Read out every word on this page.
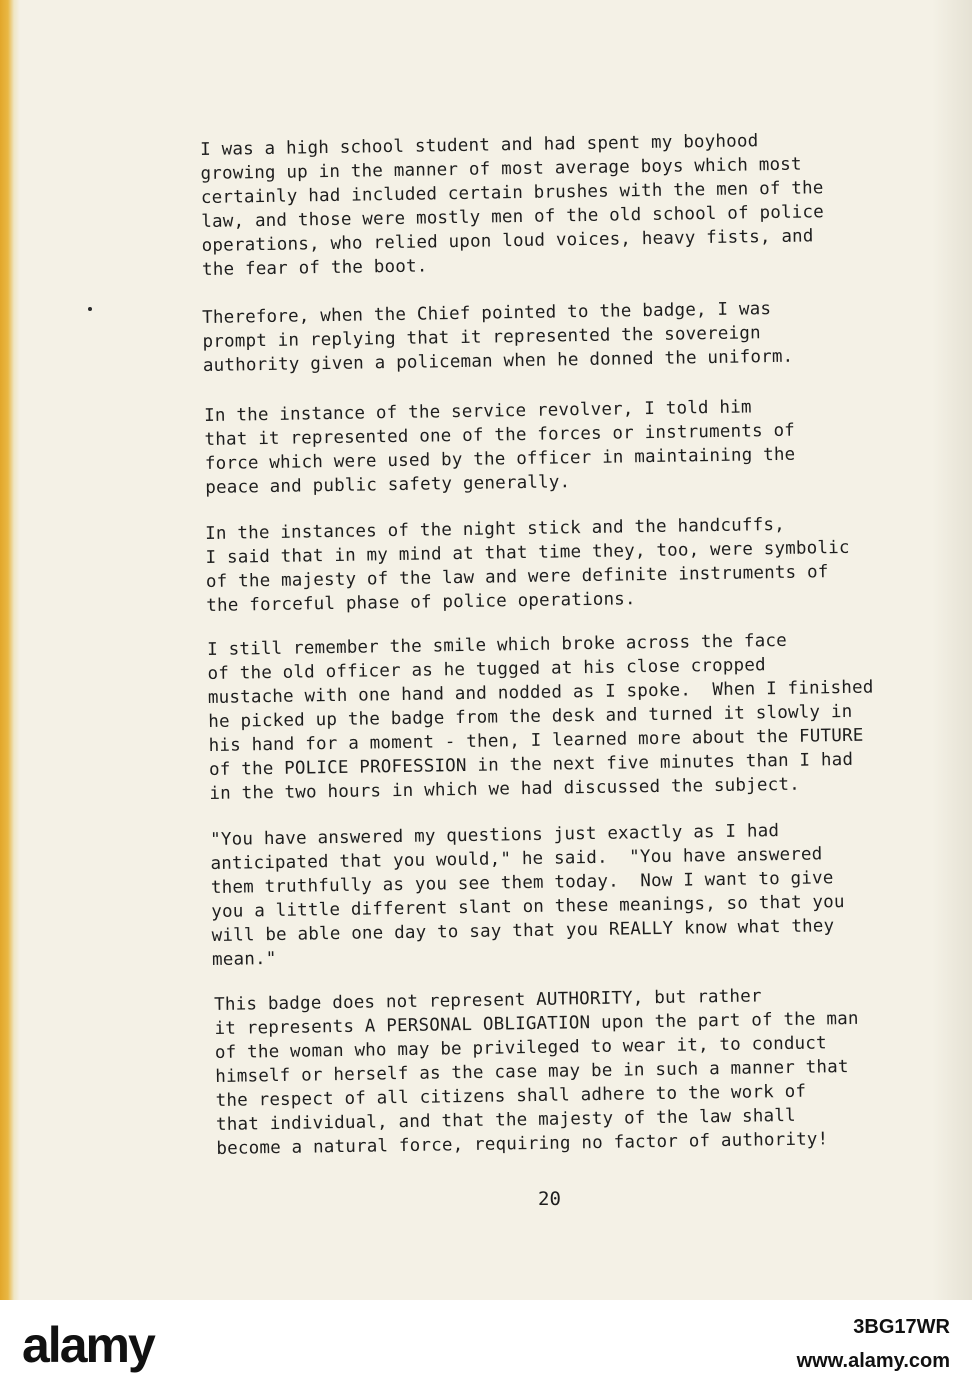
I was a high school student and had spent my boyhood
growing up in the manner of most average boys which most
certainly had included certain brushes with the men of the
law, and those were mostly men of the old school of police
operations, who relied upon loud voices, heavy fists, and
the fear of the boot.

Therefore, when the Chief pointed to the badge, I was
prompt in replying that it represented the sovereign
authority given a policeman when he donned the uniform.

In the instance of the service revolver, I told him
that it represented one of the forces or instruments of
force which were used by the officer in maintaining the
peace and public safety generally.

In the instances of the night stick and the handcuffs,
I said that in my mind at that time they, too, were symbolic
of the majesty of the law and were definite instruments of
the forceful phase of police operations.

I still remember the smile which broke across the face
of the old officer as he tugged at his close cropped
mustache with one hand and nodded as I spoke.  When I finished
he picked up the badge from the desk and turned it slowly in
his hand for a moment - then, I learned more about the FUTURE
of the POLICE PROFESSION in the next five minutes than I had
in the two hours in which we had discussed the subject.

"You have answered my questions just exactly as I had
anticipated that you would," he said.  "You have answered
them truthfully as you see them today.  Now I want to give
you a little different slant on these meanings, so that you
will be able one day to say that you REALLY know what they
mean."

This badge does not represent AUTHORITY, but rather
it represents A PERSONAL OBLIGATION upon the part of the man
of the woman who may be privileged to wear it, to conduct
himself or herself as the case may be in such a manner that
the respect of all citizens shall adhere to the work of
that individual, and that the majesty of the law shall
become a natural force, requiring no factor of authority!

20
alamy	3BG17WR
www.alamy.com
